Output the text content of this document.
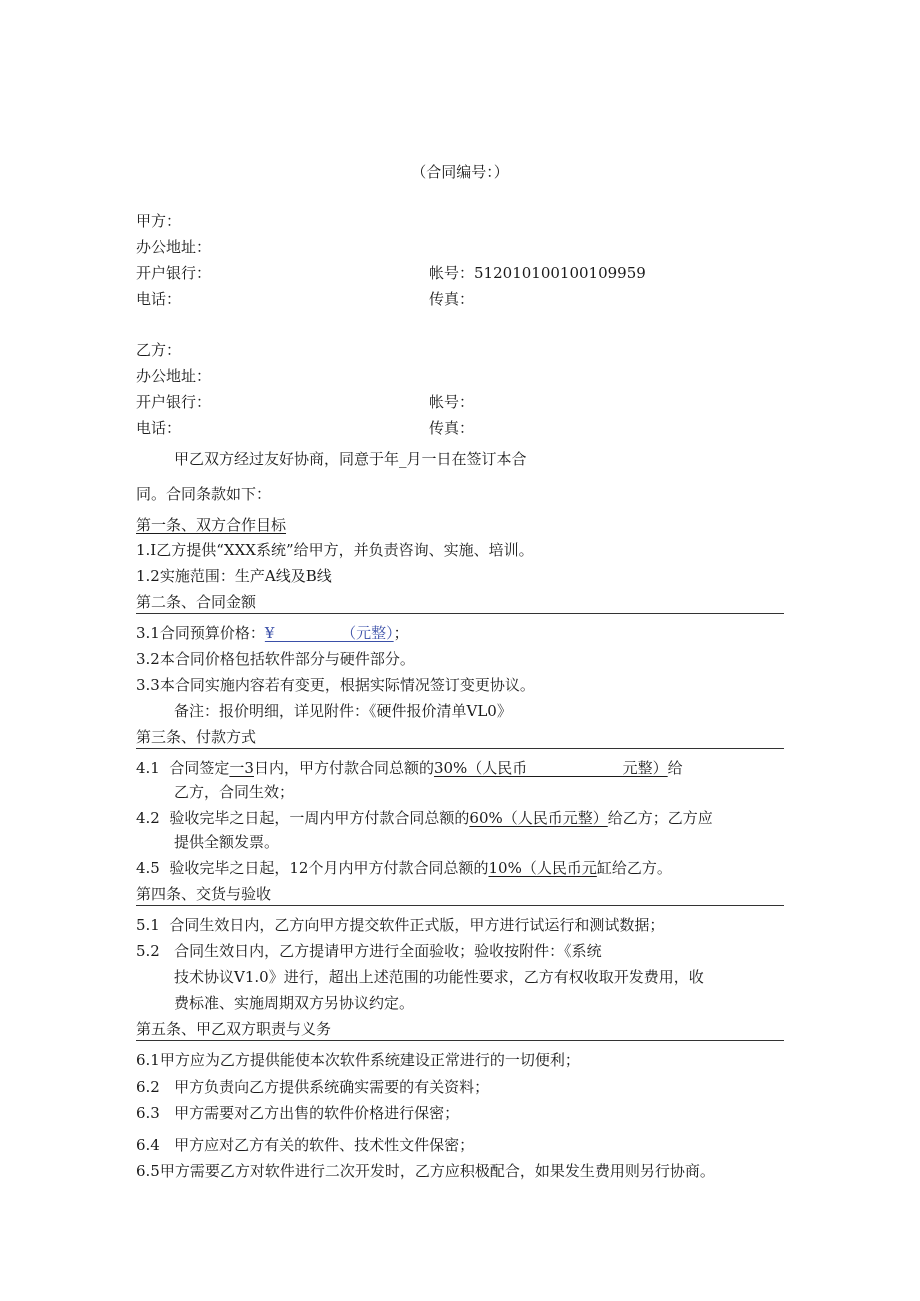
（合同编号：）
甲方：
办公地址：
开户银行：	帐号：512010100100109959
电话：	传真：
乙方：
办公地址：
开户银行：	帐号：
电话：	传真：
甲乙双方经过友好协商，同意于年_月一日在签订本合
同。合同条款如下：
第一条、双方合作目标
1.I乙方提供“XXX系统”给甲方，并负责咨询、实施、培训。
1.2实施范围：生产A线及B线
第二条、合同金额
3.1合同预算价格：¥              （元整）；
3.2本合同价格包括软件部分与硬件部分。
3.3本合同实施内容若有变更，根据实际情况签订变更协议。
备注：报价明细，详见附件：《硬件报价清单VL0》
第三条、付款方式
4.1  合同签定一3日内，甲方付款合同总额的30%（人民币                    元整）给
乙方，合同生效；
4.2  验收完毕之日起，一周内甲方付款合同总额的60%（人民币元整）给乙方；乙方应
提供全额发票。
4.5  验收完毕之日起，12个月内甲方付款合同总额的10%（人民币元缸给乙方。
第四条、交货与验收
5.1  合同生效日内，乙方向甲方提交软件正式版，甲方进行试运行和测试数据；
5.2   合同生效日内，乙方提请甲方进行全面验收；验收按附件：《系统
技术协议V1.0》进行，超出上述范围的功能性要求，乙方有权收取开发费用，收
费标准、实施周期双方另协议约定。
第五条、甲乙双方职责与义务
6.1甲方应为乙方提供能使本次软件系统建设正常进行的一切便利；
6.2   甲方负责向乙方提供系统确实需要的有关资料；
6.3   甲方需要对乙方出售的软件价格进行保密；
6.4   甲方应对乙方有关的软件、技术性文件保密；
6.5甲方需要乙方对软件进行二次开发时，乙方应积极配合，如果发生费用则另行协商。
